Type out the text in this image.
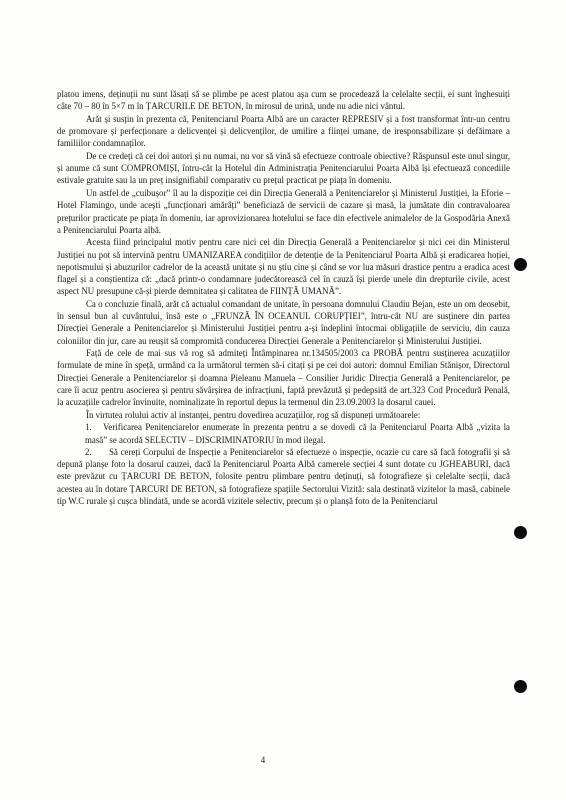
platou imens, deținuții nu sunt lăsați să se plimbe pe acest platou așa cum se procedează la celelalte secții, ei sunt înghesuiți câte 70 – 80 în 5×7 m în ȚARCURILE DE BETON, în mirosul de urină, unde nu adie nici vântul.

Arăt și susțin în prezenta că, Penitenciarul Poarta Albă are un caracter REPRESIV și a fost transformat într-un centru de promovare și perfecționare a delicvenței și delicvenților, de umilire a ființei umane, de iresponsabilizare și defăimare a familiilor condamnaților.

De ce credeți că cei doi autori și nu numai, nu vor să vină să efectueze controale obiective? Răspunsul este unul singur, și anume că sunt COMPROMIȘI, întru-cât la Hotelul din Administrația Penitenciarului Poarta Albă își efectuează concediile estivale gratuite sau la un preț insignifiabil comparativ cu prețul practicat pe piața în domeniu.

Un astfel de „cuibușor” îl au la dispoziție cei din Direcția Generală a Penitenciarelor și Ministerul Justiției, la Eforie – Hotel Flamingo, unde acești „funcționari amărâți” beneficiază de servicii de cazare și masă, la jumătate din contravaloarea prețurilor practicate pe piața în domeniu, iar aprovizionarea hotelului se face din efectivele animalelor de la Gospodăria Anexă a Penitenciarului Poarta albă.

Acesta fiind principalul motiv pentru care nici cei din Direcția Generală a Penitenciarelor și nici cei din Ministerul Justiției nu pot să intervină pentru UMANIZAREA condițiilor de detenție de la Penitenciarul Poarta Albă și eradicarea hoției, nepotismului și abuzurilor cadrelor de la această unitate și nu știu cine și când se vor lua măsuri drastice pentru a eradica acest flagel și a conștientiza că: „dacă printr-o condamnare judecătorească cel în cauză își pierde unele din drepturile civile, acest aspect NU presupune că-și pierde demnitatea și calitatea de FIINȚĂ UMANĂ”.

Ca o concluzie finală, arăt că actualul comandant de unitate, în persoana domnului Claudiu Bejan, este un om deosebit, în sensul bun al cuvântului, însă este o „FRUNZĂ ÎN OCEANUL CORUPȚIEI”, întru-cât NU are susținere din partea Direcției Generale a Penitenciarelor și Ministerului Justiției pentru a-și îndeplini întocmai obligațiile de serviciu, din cauza coloniilor din jur, care au reușit să compromită conducerea Direcției Generale a Penitenciarelor și Ministerului Justiției.

Față de cele de mai sus vă rog să admiteți Întâmpinarea nr.134505/2003 ca PROBĂ pentru susținerea acuzațiilor formulate de mine în speță, urmând ca la următorul termen să-i citați și pe cei doi autori: domnul Emilian Stănișor, Directorul Direcției Generale a Penitenciarelor și doamna Pieleanu Manuela – Consilier Juridic Direcția Generală a Penitenciarelor, pe care îi acuz pentru asocierea și pentru săvârșirea de infracțiuni, faptă prevăzută și pedepsită de art.323 Cod Procedură Penală, la acuzațiile cadrelor învinuite, nominalizate în reportul depus la termenul din 23.09.2003 la dosarul cauei.

În virtutea rolului activ al instanței, pentru dovedirea acuzațiilor, rog să dispuneți următoarele:

1. Verificarea Penitenciarelor enumerate în prezenta pentru a se dovedi că la Penitenciarul Poarta Albă „vizita la masă” se acordă SELECTIV – DISCRIMINATORIU în mod ilegal.

2. Să cereți Corpului de Inspecție a Penitenciarelor să efectueze o inspecție, ocazie cu care să facă fotografii și să depună planșe foto la dosarul cauzei, dacă la Penitenciarul Poarta Albă camerele secției 4 sunt dotate cu JGHEABURI, dacă este prevăzut cu ȚARCURI DE BETON, folosite pentru plimbare pentru deținuți, să fotografieze și celelalte secții, dacă acestea au în dotare ȚARCURI DE BETON, să fotografieze spațiile Sectorului Vizită: sala destinată vizitelor la masă, cabinele tip W.C rurale și cușca blindată, unde se acordă vizitele selectiv, precum și o planșă foto de la Penitenciarul

4
